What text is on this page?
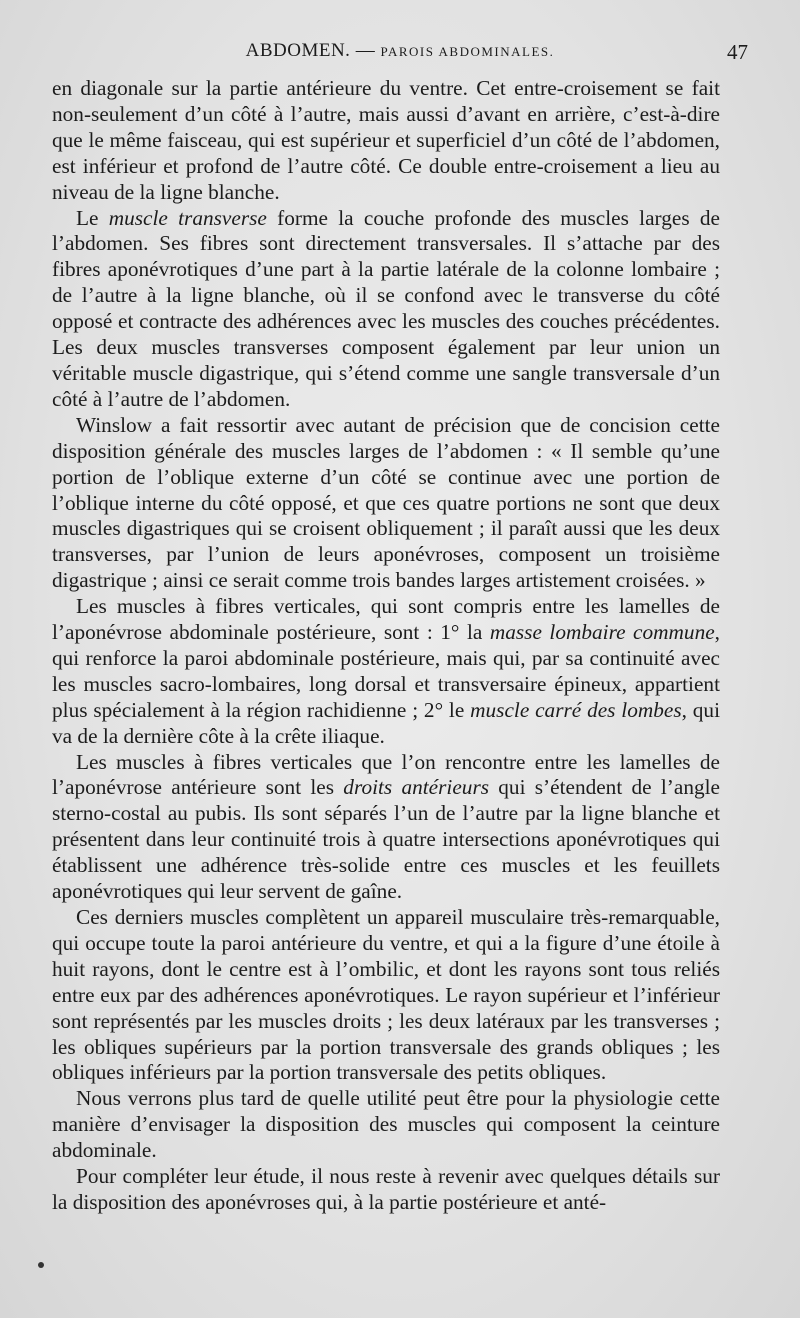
ABDOMEN. — PAROIS ABDOMINALES.	47

en diagonale sur la partie antérieure du ventre. Cet entre-croisement se fait non-seulement d’un côté à l’autre, mais aussi d’avant en arrière, c’est-à-dire que le même faisceau, qui est supérieur et superficiel d’un côté de l’abdomen, est inférieur et profond de l’autre côté. Ce double entre-croisement a lieu au niveau de la ligne blanche.

Le muscle transverse forme la couche profonde des muscles larges de l’abdomen. Ses fibres sont directement transversales. Il s’attache par des fibres aponévrotiques d’une part à la partie latérale de la colonne lombaire ; de l’autre à la ligne blanche, où il se confond avec le transverse du côté opposé et contracte des adhérences avec les muscles des couches précédentes. Les deux muscles transverses composent également par leur union un véritable muscle digastrique, qui s’étend comme une sangle transversale d’un côté à l’autre de l’abdomen.

Winslow a fait ressortir avec autant de précision que de concision cette disposition générale des muscles larges de l’abdomen : « Il semble qu’une portion de l’oblique externe d’un côté se continue avec une portion de l’oblique interne du côté opposé, et que ces quatre portions ne sont que deux muscles digastriques qui se croisent obliquement ; il paraît aussi que les deux transverses, par l’union de leurs aponévroses, composent un troisième digastrique ; ainsi ce serait comme trois bandes larges artistement croisées. »

Les muscles à fibres verticales, qui sont compris entre les lamelles de l’aponévrose abdominale postérieure, sont : 1° la masse lombaire commune, qui renforce la paroi abdominale postérieure, mais qui, par sa continuité avec les muscles sacro-lombaires, long dorsal et transversaire épineux, appartient plus spécialement à la région rachidienne ; 2° le muscle carré des lombes, qui va de la dernière côte à la crête iliaque.

Les muscles à fibres verticales que l’on rencontre entre les lamelles de l’aponévrose antérieure sont les droits antérieurs qui s’étendent de l’angle sterno-costal au pubis. Ils sont séparés l’un de l’autre par la ligne blanche et présentent dans leur continuité trois à quatre intersections aponévrotiques qui établissent une adhérence très-solide entre ces muscles et les feuillets aponévrotiques qui leur servent de gaîne.

Ces derniers muscles complètent un appareil musculaire très-remarquable, qui occupe toute la paroi antérieure du ventre, et qui a la figure d’une étoile à huit rayons, dont le centre est à l’ombilic, et dont les rayons sont tous reliés entre eux par des adhérences aponévrotiques. Le rayon supérieur et l’inférieur sont représentés par les muscles droits ; les deux latéraux par les transverses ; les obliques supérieurs par la portion transversale des grands obliques ; les obliques inférieurs par la portion transversale des petits obliques.

Nous verrons plus tard de quelle utilité peut être pour la physiologie cette manière d’envisager la disposition des muscles qui composent la ceinture abdominale.

Pour compléter leur étude, il nous reste à revenir avec quelques détails sur la disposition des aponévroses qui, à la partie postérieure et anté-
